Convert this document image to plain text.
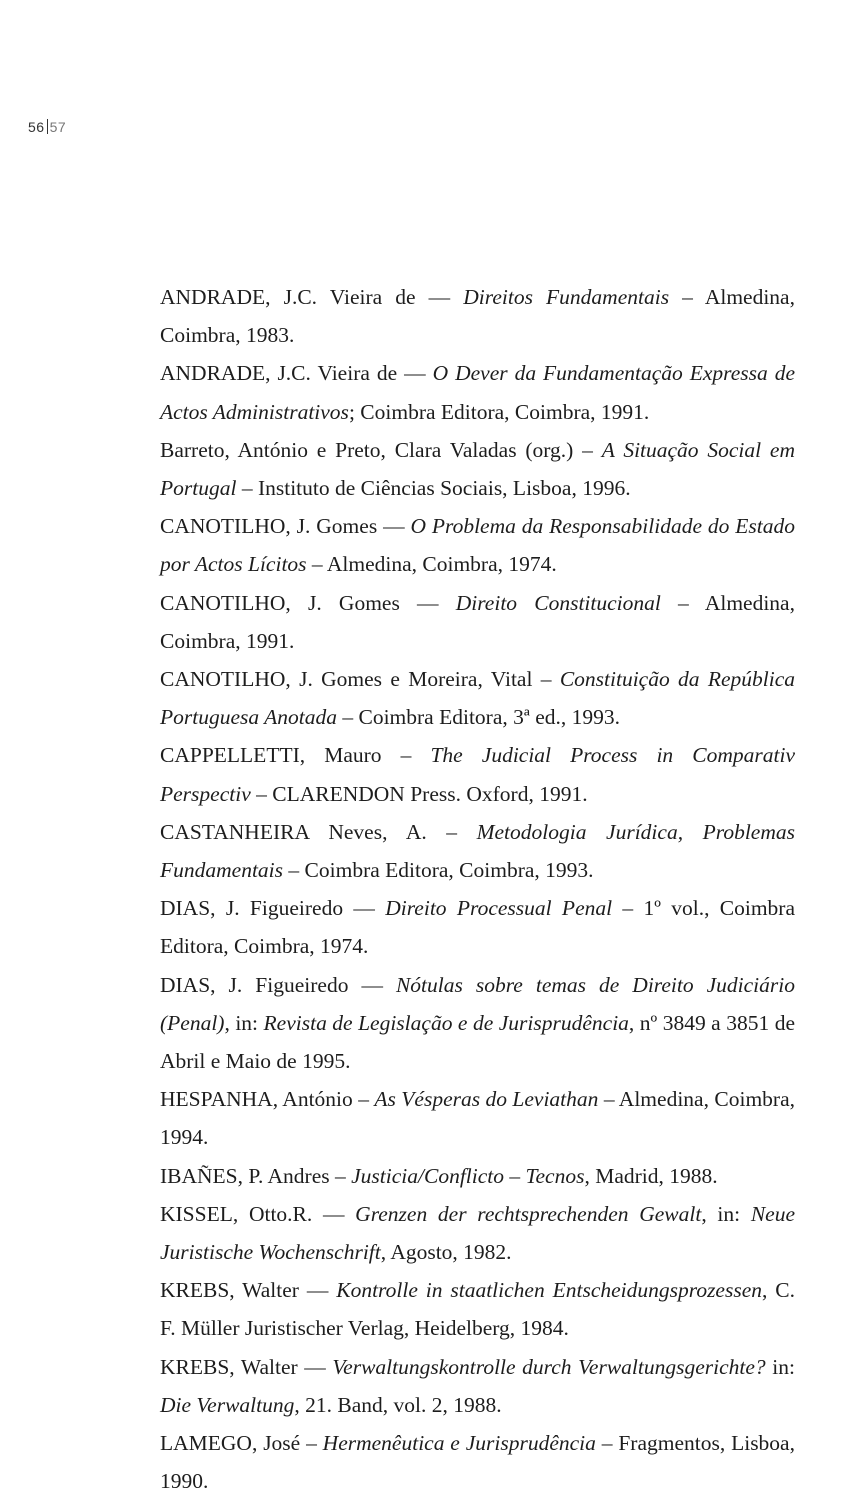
56 57

ANDRADE, J.C. Vieira de — Direitos Fundamentais – Almedina, Coimbra, 1983.

ANDRADE, J.C. Vieira de — O Dever da Fundamentação Expressa de Actos Administrativos; Coimbra Editora, Coimbra, 1991.

Barreto, António e Preto, Clara Valadas (org.) – A Situação Social em Portugal – Instituto de Ciências Sociais, Lisboa, 1996.

CANOTILHO, J. Gomes — O Problema da Responsabilidade do Estado por Actos Lícitos – Almedina, Coimbra, 1974.

CANOTILHO, J. Gomes — Direito Constitucional – Almedina, Coimbra, 1991.

CANOTILHO, J. Gomes e Moreira, Vital – Constituição da República Portuguesa Anotada – Coimbra Editora, 3ª ed., 1993.

CAPPELLETTI, Mauro – The Judicial Process in Comparativ Perspectiv – CLARENDON Press. Oxford, 1991.

CASTANHEIRA Neves, A. – Metodologia Jurídica, Problemas Fundamentais – Coimbra Editora, Coimbra, 1993.

DIAS, J. Figueiredo — Direito Processual Penal – 1º vol., Coimbra Editora, Coimbra, 1974.

DIAS, J. Figueiredo — Nótulas sobre temas de Direito Judiciário (Penal), in: Revista de Legislação e de Jurisprudência, nº 3849 a 3851 de Abril e Maio de 1995.

HESPANHA, António – As Vésperas do Leviathan – Almedina, Coimbra, 1994.

IBAÑES, P. Andres – Justicia/Conflicto – Tecnos, Madrid, 1988.

KISSEL, Otto.R. — Grenzen der rechtsprechenden Gewalt, in: Neue Juristische Wochenschrift, Agosto, 1982.

KREBS, Walter — Kontrolle in staatlichen Entscheidungsprozessen, C. F. Müller Juristischer Verlag, Heidelberg, 1984.

KREBS, Walter — Verwaltungskontrolle durch Verwaltungsgerichte? in: Die Verwaltung, 21. Band, vol. 2, 1988.

LAMEGO, José – Hermenêutica e Jurisprudência – Fragmentos, Lisboa, 1990.
